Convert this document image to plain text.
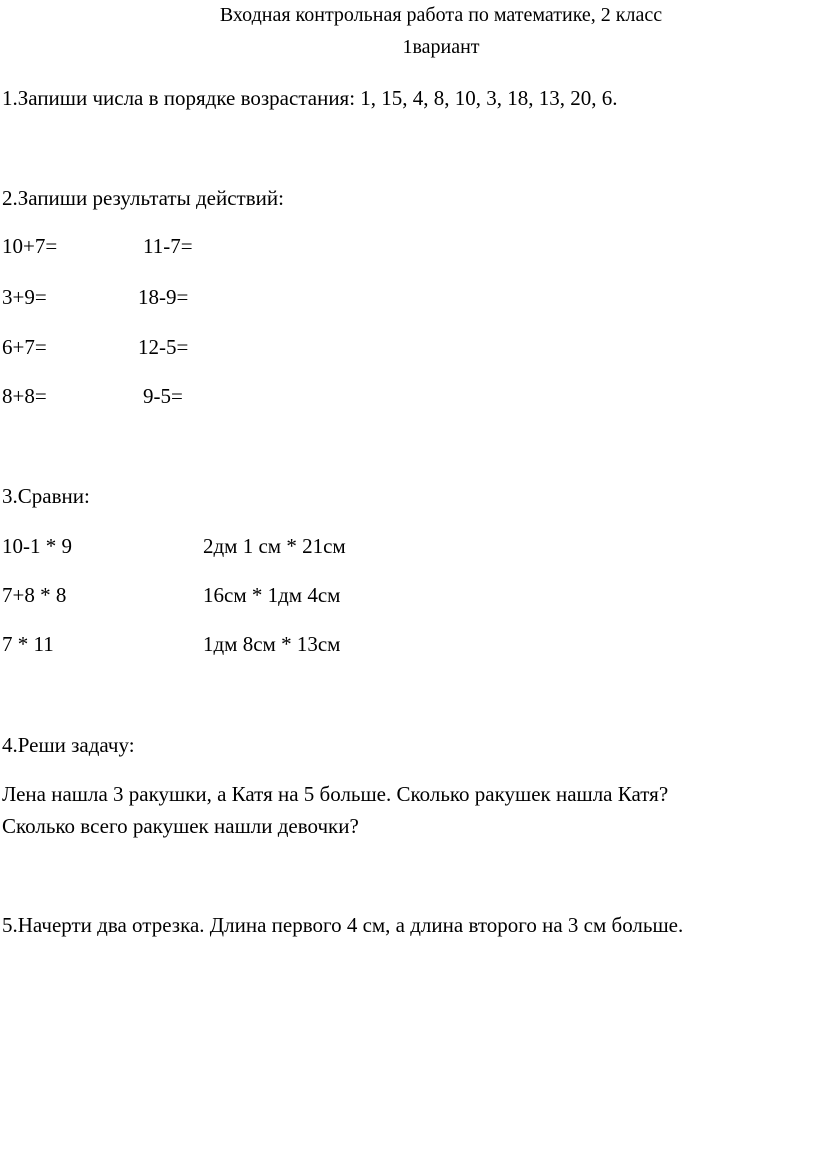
Входная контрольная работа по математике, 2 класс
1вариант
1.Запиши числа в порядке возрастания: 1, 15, 4, 8, 10, 3, 18, 13, 20, 6.
2.Запиши результаты действий:
10+7=	11-7=
3+9=	18-9=
6+7=	12-5=
8+8=	9-5=
3.Сравни:
10-1 * 9	2дм 1 см * 21см
7+8 * 8	16см * 1дм 4см
7 * 11	1дм 8см * 13см
4.Реши задачу:
Лена нашла 3 ракушки, а Катя на 5 больше. Сколько ракушек нашла Катя?
Сколько всего ракушек нашли девочки?
5.Начерти два отрезка. Длина первого 4 см, а длина второго на 3 см больше.
